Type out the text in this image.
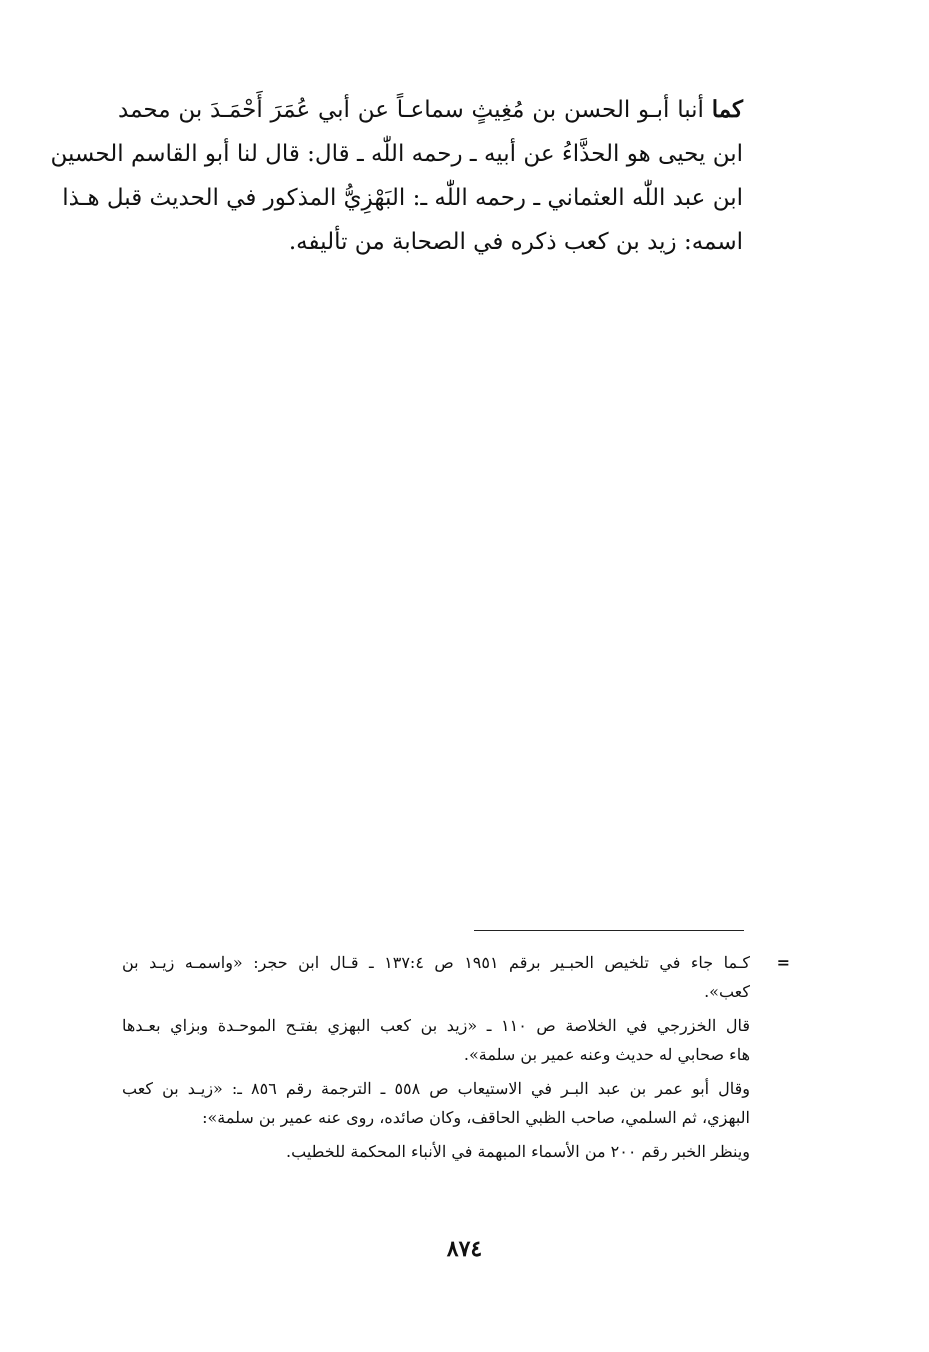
كما أنبا أبـو الحسن بن مُغِيثٍ سماعـاً عن أبي عُمَرَ أَحْمَـدَ بن محمد
ابن يحيى هو الحذَّاءُ عن أبيه ـ رحمه اللّٰه ـ قال: قال لنا أبو القاسم الحسين
ابن عبد اللّٰه العثماني ـ رحمه اللّٰه ـ: البَهْزِيُّ المذكور في الحديث قبل هـذا
اسمه: زيد بن كعب ذكره في الصحابة من تأليفه.
=
كـما جاء في تلخيص الحبـير برقم ١٩٥١ ص ١٣٧:٤ ـ قـال ابن حجر: «واسمـه زيـد بن
كعب».
قال الخزرجي في الخلاصة ص ١١٠ ـ «زيد بن كعب البهزي بفتـح الموحـدة وبزاي بعـدها
هاء صحابي له حديث وعنه عمير بن سلمة».
وقال أبو عمر بن عبد البـر في الاستيعاب ص ٥٥٨ ـ الترجمة رقم ٨٥٦ ـ: «زيـد بن كعب
البهزي، ثم السلمي، صاحب الظبي الحاقف، وكان صائده، روى عنه عمير بن سلمة»:
وينظر الخبر رقم ٢٠٠ من الأسماء المبهمة في الأنباء المحكمة للخطيب.
٨٧٤
